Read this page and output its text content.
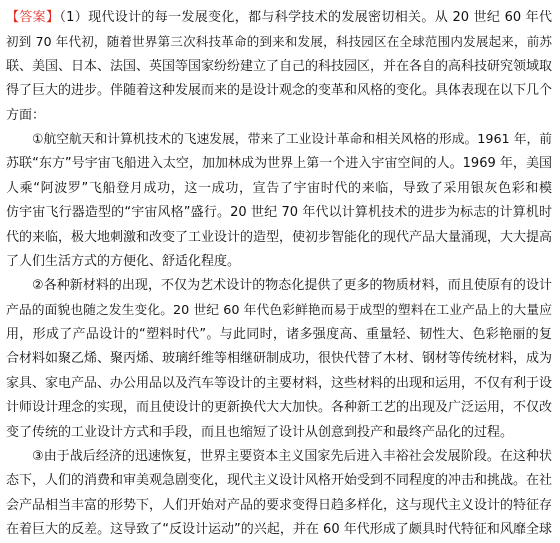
【答案】（1）现代设计的每一发展变化，都与科学技术的发展密切相关。从 20 世纪 60 年代
初到 70 年代初，随着世界第三次科技革命的到来和发展，科技园区在全球范围内发展起来，前苏
联、美国、日本、法国、英国等国家纷纷建立了自己的科技园区，并在各自的高科技研究领域取
得了巨大的进步。伴随着这种发展而来的是设计观念的变革和风格的变化。具体表现在以下几个
方面：
①航空航天和计算机技术的飞速发展，带来了工业设计革命和相关风格的形成。1961 年，前
苏联“东方”号宇宙飞船进入太空，加加林成为世界上第一个进入宇宙空间的人。1969 年，美国
人乘“阿波罗”飞船登月成功，这一成功，宣告了宇宙时代的来临，导致了采用银灰色彩和模
仿宇宙飞行器造型的“宇宙风格”盛行。20 世纪 70 年代以计算机技术的进步为标志的计算机时
代的来临，极大地刺激和改变了工业设计的造型，使初步智能化的现代产品大量涌现，大大提高
了人们生活方式的方便化、舒适化程度。
②各种新材料的出现，不仅为艺术设计的物态化提供了更多的物质材料，而且使原有的设计
产品的面貌也随之发生变化。20 世纪 60 年代色彩鲜艳而易于成型的塑料在工业产品上的大量应
用，形成了产品设计的“塑料时代”。与此同时，诸多强度高、重量轻、韧性大、色彩艳丽的复
合材料如聚乙烯、聚丙烯、玻璃纤维等相继研制成功，很快代替了木材、钢材等传统材料，成为
家具、家电产品、办公用品以及汽车等设计的主要材料，这些材料的出现和运用，不仅有利于设
计师设计理念的实现，而且使设计的更新换代大大加快。各种新工艺的出现及广泛运用，不仅改
变了传统的工业设计方式和手段，而且也缩短了设计从创意到投产和最终产品化的过程。
③由于战后经济的迅速恢复，世界主要资本主义国家先后进入丰裕社会发展阶段。在这种状
态下，人们的消费和审美观急剧变化，现代主义设计风格开始受到不同程度的冲击和挑战。在社
会产品相当丰富的形势下，人们开始对产品的要求变得日趋多样化，这与现代主义设计的特征存
在着巨大的反差。这导致了“反设计运动”的兴起，并在 60 年代形成了颇具时代特征和风靡全球
